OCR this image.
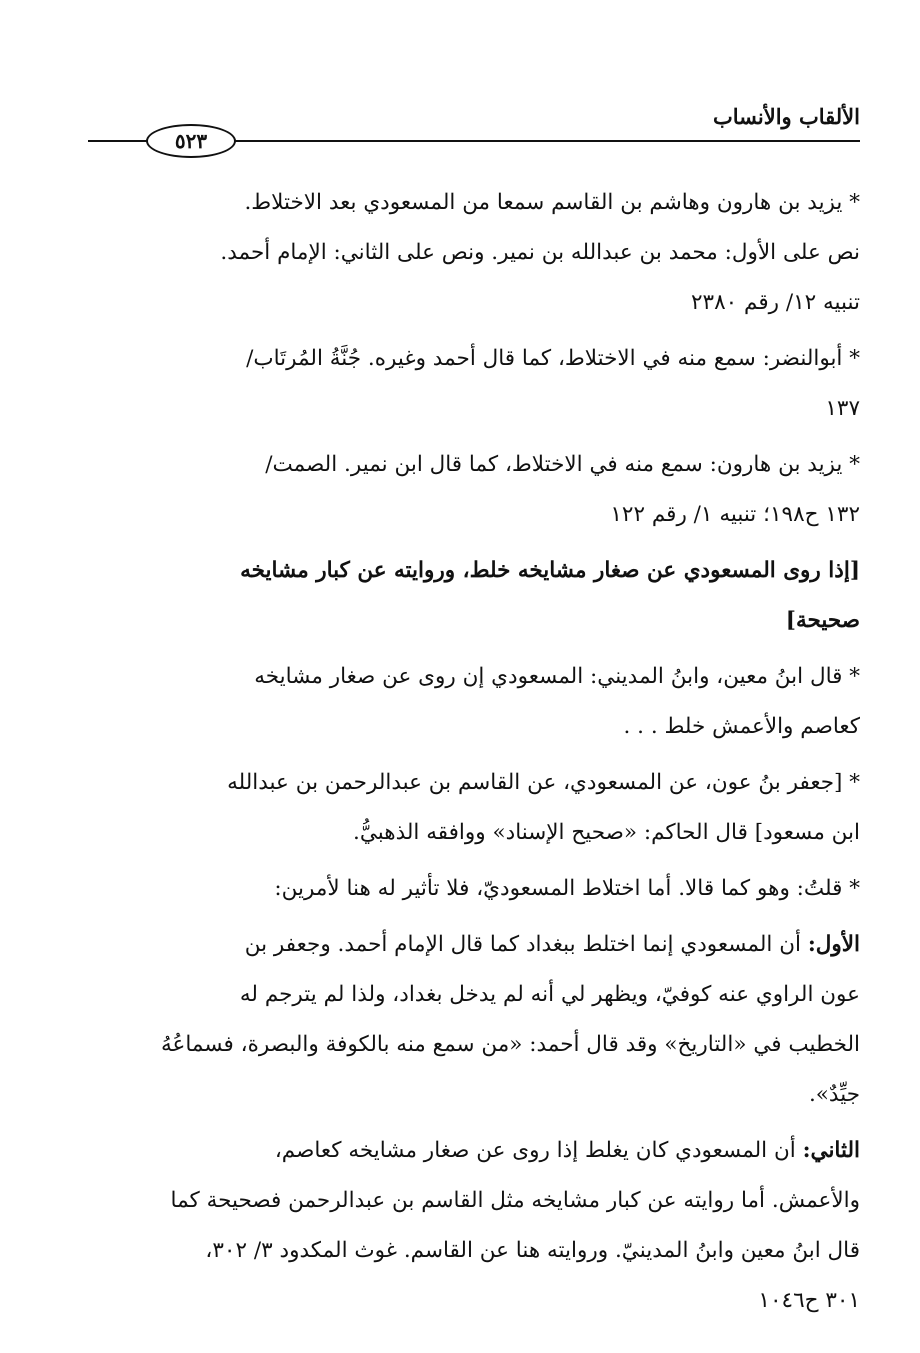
الألقاب والأنساب
٥٢٣
* يزيد بن هارون وهاشم بن القاسم سمعا من المسعودي بعد الاختلاط.
نص على الأول: محمد بن عبدالله بن نمير. ونص على الثاني: الإمام أحمد.
تنبيه ١٢/ رقم ٢٣٨٠
* أبوالنضر: سمع منه في الاختلاط، كما قال أحمد وغيره. جُنَّةُ المُرتَاب/
١٣٧
* يزيد بن هارون: سمع منه في الاختلاط، كما قال ابن نمير. الصمت/
١٣٢ ح١٩٨؛ تنبيه ١/ رقم ١٢٢
[إذا روى المسعودي عن صغار مشايخه خلط، وروايته عن كبار مشايخه
صحيحة]
* قال ابنُ معين، وابنُ المديني: المسعودي إن روى عن صغار مشايخه
كعاصم والأعمش خلط . . .
* [جعفر بنُ عون، عن المسعودي، عن القاسم بن عبدالرحمن بن عبدالله
ابن مسعود] قال الحاكم: «صحيح الإسناد» ووافقه الذهبيُّ.
* قلتُ: وهو كما قالا. أما اختلاط المسعوديّ، فلا تأثير له هنا لأمرين:
الأول: أن المسعودي إنما اختلط ببغداد كما قال الإمام أحمد. وجعفر بن
عون الراوي عنه كوفيّ، ويظهر لي أنه لم يدخل بغداد، ولذا لم يترجم له
الخطيب في «التاريخ» وقد قال أحمد: «من سمع منه بالكوفة والبصرة، فسماعُهُ
جيِّدٌ».
الثاني: أن المسعودي كان يغلط إذا روى عن صغار مشايخه كعاصم،
والأعمش. أما روايته عن كبار مشايخه مثل القاسم بن عبدالرحمن فصحيحة كما
قال ابنُ معين وابنُ المدينيّ. وروايته هنا عن القاسم. غوث المكدود ٣/ ٣٠٢،
٣٠١ ح١٠٤٦
